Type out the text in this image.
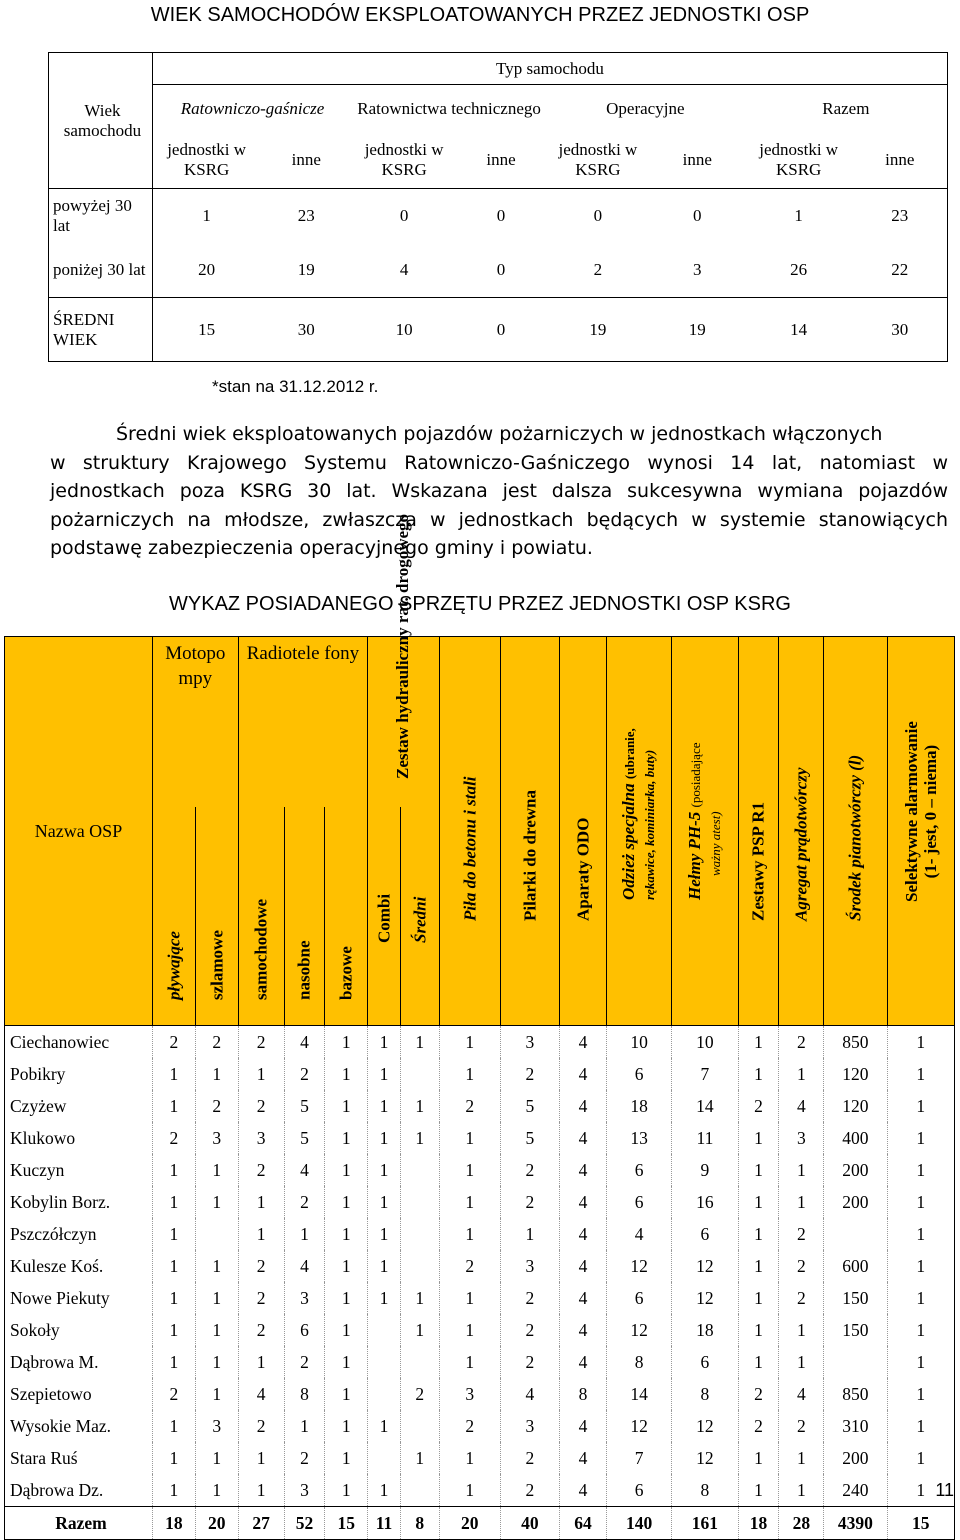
WIEK SAMOCHODÓW EKSPLOATOWANYCH PRZEZ JEDNOSTKI OSP
Wiek samochodu	Typ samochodu							
	Ratowniczo-gaśnicze		Ratownictwa technicznego		Operacyjne		Razem	
	jednostki w KSRG	inne	jednostki w KSRG	inne	jednostki w KSRG	inne	jednostki w KSRG	inne
powyżej 30 lat	1	23	0	0	0	0	1	23
poniżej 30 lat	20	19	4	0	2	3	26	22
ŚREDNI WIEK	15	30	10	0	19	19	14	30
*stan na 31.12.2012 r.

Średni wiek eksploatowanych pojazdów pożarniczych w jednostkach włączonych

w struktury Krajowego Systemu Ratowniczo-Gaśniczego wynosi 14 lat, natomiast w jednostkach poza KSRG 30 lat. Wskazana jest dalsza sukcesywna wymiana pojazdów pożarniczych na młodsze, zwłaszcza w jednostkach będących w systemie stanowiących podstawę zabezpieczenia operacyjnego gminy i powiatu.

WYKAZ POSIADANEGO SPRZĘTU PRZEZ JEDNOSTKI OSP KSRG
Nazwa OSP	Motopo mpy		Radiotele fony			Zestaw hydrauliczny rat. drogowego		Piła do betonu i stali	Pilarki do drewna	Aparaty ODO	Odzież specjalna (ubranie, rękawice, kominiarka, buty)	Hełmy PH-5 (posiadające
ważny atest)	Zestawy PSP R1	Agregat prądotwórczy	Środek pianotwórczy (l)	Selektywne alarmowanie
(1- jest, 0 – niema)

	pływające	szlamowe	samochodowe	nasobne	bazowe	Combi	Średni									

Ciechanowiec	2	2	2	4	1	1	1	1	3	4	10	10	1	2	850	1
Pobikry	1	1	1	2	1	1		1	2	4	6	7	1	1	120	1
Czyżew	1	2	2	5	1	1	1	2	5	4	18	14	2	4	120	1
Klukowo	2	3	3	5	1	1	1	1	5	4	13	11	1	3	400	1
Kuczyn	1	1	2	4	1	1		1	2	4	6	9	1	1	200	1
Kobylin Borz.	1	1	1	2	1	1		1	2	4	6	16	1	1	200	1
Pszczółczyn	1		1	1	1	1		1	1	4	4	6	1	2		1
Kulesze Koś.	1	1	2	4	1	1		2	3	4	12	12	1	2	600	1
Nowe Piekuty	1	1	2	3	1	1	1	1	2	4	6	12	1	2	150	1
Sokoły	1	1	2	6	1		1	1	2	4	12	18	1	1	150	1
Dąbrowa M.	1	1	1	2	1			1	2	4	8	6	1	1		1
Szepietowo	2	1	4	8	1		2	3	4	8	14	8	2	4	850	1
Wysokie Maz.	1	3	2	1	1	1		2	3	4	12	12	2	2	310	1
Stara Ruś	1	1	1	2	1		1	1	2	4	7	12	1	1	200	1
Dąbrowa Dz.	1	1	1	3	1	1		1	2	4	6	8	1	1	240	1
Razem	18	20	27	52	15	11	8	20	40	64	140	161	18	28	4390	15
11
